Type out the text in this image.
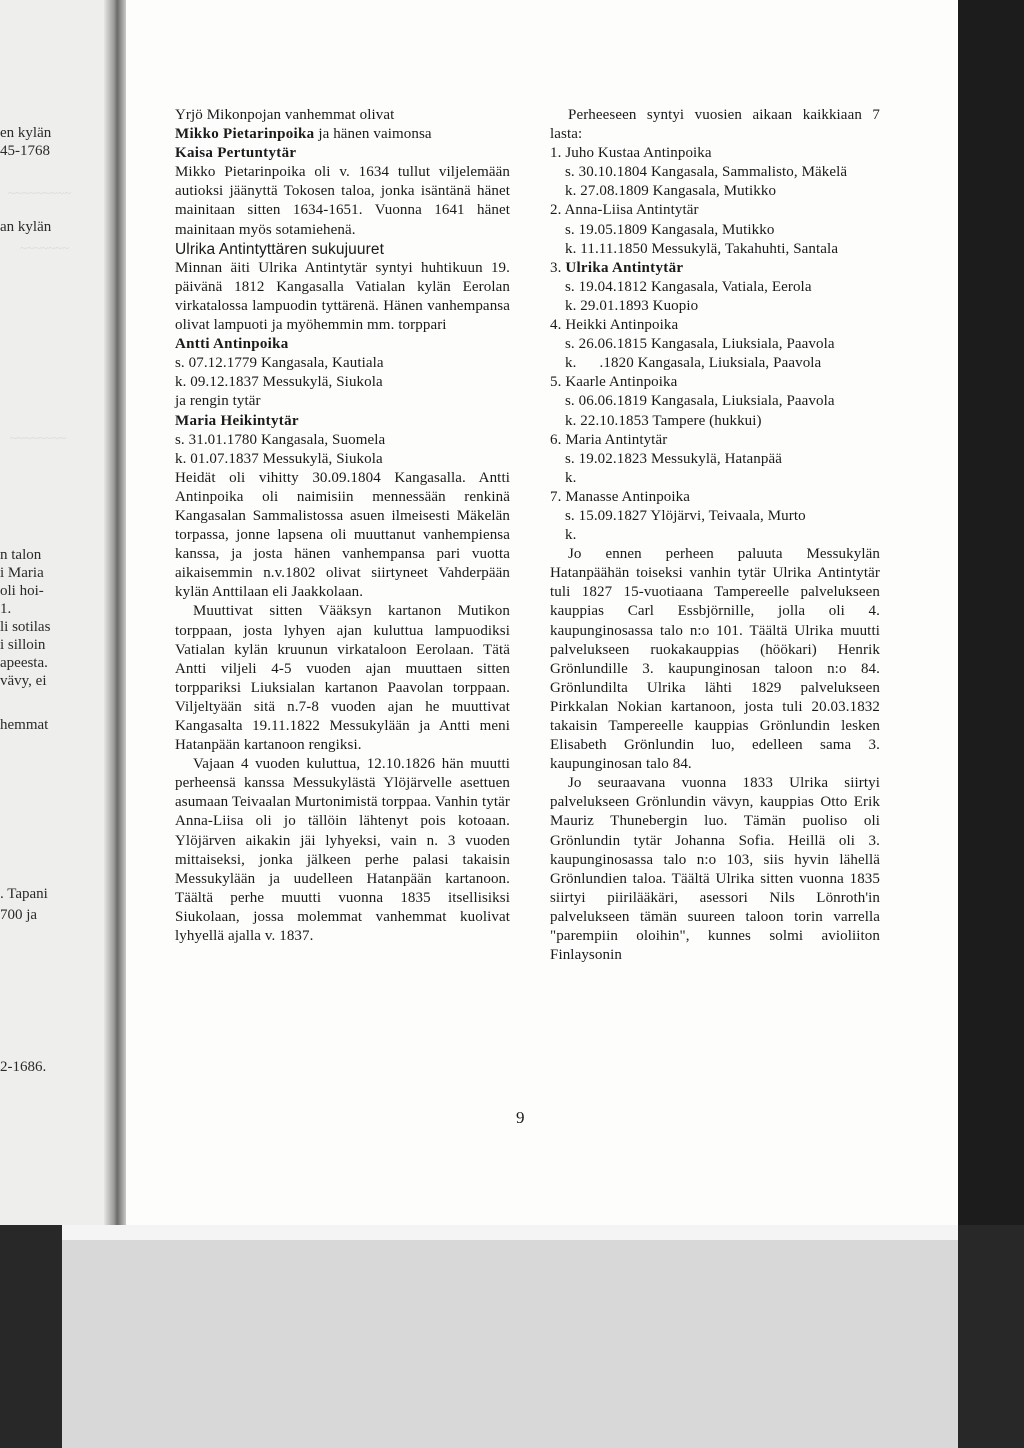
~~~~~~~~~
~~~~~~~
~~~~~~~~
en kylän
45-1768
an kylän
n talon
i Maria
oli hoi-
1.
li sotilas
i silloin
apeesta.
vävy, ei
hemmat
. Tapani
700 ja
2-1686.

Yrjö Mikonpojan vanhemmat olivat

Mikko Pietarinpoika ja hänen vaimonsa

Kaisa Pertuntytär

Mikko Pietarinpoika oli v. 1634 tullut viljelemään autioksi jäänyttä Tokosen taloa, jonka isäntänä hänet mainitaan sitten 1634-1651. Vuonna 1641 hänet mainitaan myös sotamiehenä.

Ulrika Antintyttären sukujuuret

Minnan äiti Ulrika Antintytär syntyi huhtikuun 19. päivänä 1812 Kangasalla Vatialan kylän Eerolan virkatalossa lampuodin tyttärenä. Hänen vanhempansa olivat lampuoti ja myöhemmin mm. torppari

Antti Antinpoika

s. 07.12.1779 Kangasala, Kautiala

k. 09.12.1837 Messukylä, Siukola

ja rengin tytär

Maria Heikintytär

s. 31.01.1780 Kangasala, Suomela

k. 01.07.1837 Messukylä, Siukola

Heidät oli vihitty 30.09.1804 Kangasalla. Antti Antinpoika oli naimisiin mennessään renkinä Kangasalan Sammalistossa asuen ilmeisesti Mäkelän torpassa, jonne lapsena oli muuttanut vanhempiensa kanssa, ja josta hänen vanhempansa pari vuotta aikaisemmin n.v.1802 olivat siirtyneet Vahderpään kylän Anttilaan eli Jaakkolaan.

Muuttivat sitten Vääksyn kartanon Mutikon torppaan, josta lyhyen ajan kuluttua lampuodiksi Vatialan kylän kruunun virkataloon Eerolaan. Tätä Antti viljeli 4-5 vuoden ajan muuttaen sitten torppariksi Liuksialan kartanon Paavolan torppaan. Viljeltyään sitä n.7-8 vuoden ajan he muuttivat Kangasalta 19.11.1822 Messukylään ja Antti meni Hatanpään kartanoon rengiksi.

Vajaan 4 vuoden kuluttua, 12.10.1826 hän muutti perheensä kanssa Messukylästä Ylöjärvelle asettuen asumaan Teivaalan Murtonimistä torppaa. Vanhin tytär Anna-Liisa oli jo tällöin lähtenyt pois kotoaan. Ylöjärven aikakin jäi lyhyeksi, vain n. 3 vuoden mittaiseksi, jonka jälkeen perhe palasi takaisin Messukylään ja uudelleen Hatanpään kartanoon. Täältä perhe muutti vuonna 1835 itsellisiksi Siukolaan, jossa molemmat vanhemmat kuolivat lyhyellä ajalla v. 1837.

Perheeseen syntyi vuosien aikaan kaikkiaan 7 lasta:

1. Juho Kustaa Antinpoika
s. 30.10.1804 Kangasala, Sammalisto, Mäkelä
k. 27.08.1809 Kangasala, Mutikko
2. Anna-Liisa Antintytär
s. 19.05.1809 Kangasala, Mutikko
k. 11.11.1850 Messukylä, Takahuhti, Santala
3. Ulrika Antintytär
s. 19.04.1812 Kangasala, Vatiala, Eerola
k. 29.01.1893 Kuopio
4. Heikki Antinpoika
s. 26.06.1815 Kangasala, Liuksiala, Paavola
k.      .1820 Kangasala, Liuksiala, Paavola
5. Kaarle Antinpoika
s. 06.06.1819 Kangasala, Liuksiala, Paavola
k. 22.10.1853 Tampere (hukkui)
6. Maria Antintytär
s. 19.02.1823 Messukylä, Hatanpää
k.
7. Manasse Antinpoika
s. 15.09.1827 Ylöjärvi, Teivaala, Murto
k.

Jo ennen perheen paluuta Messukylän Hatanpäähän toiseksi vanhin tytär Ulrika Antintytär tuli 1827 15-vuotiaana Tampereelle palvelukseen kauppias Carl Essbjörnille, jolla oli 4. kaupunginosassa talo n:o 101. Täältä Ulrika muutti palvelukseen ruokakauppias (höökari) Henrik Grönlundille 3. kaupunginosan taloon n:o 84. Grönlundilta Ulrika lähti 1829 palvelukseen Pirkkalan Nokian kartanoon, josta tuli 20.03.1832 takaisin Tampereelle kauppias Grönlundin lesken Elisabeth Grönlundin luo, edelleen sama 3. kaupunginosan talo 84.

Jo seuraavana vuonna 1833 Ulrika siirtyi palvelukseen Grönlundin vävyn, kauppias Otto Erik Mauriz Thunebergin luo. Tämän puoliso oli Grönlundin tytär Johanna Sofia. Heillä oli 3. kaupunginosassa talo n:o 103, siis hyvin lähellä Grönlundien taloa. Täältä Ulrika sitten vuonna 1835 siirtyi piirilääkäri, asessori Nils Lönroth'in palvelukseen tämän suureen taloon torin varrella "parempiin oloihin", kunnes solmi avioliiton Finlaysonin

9
